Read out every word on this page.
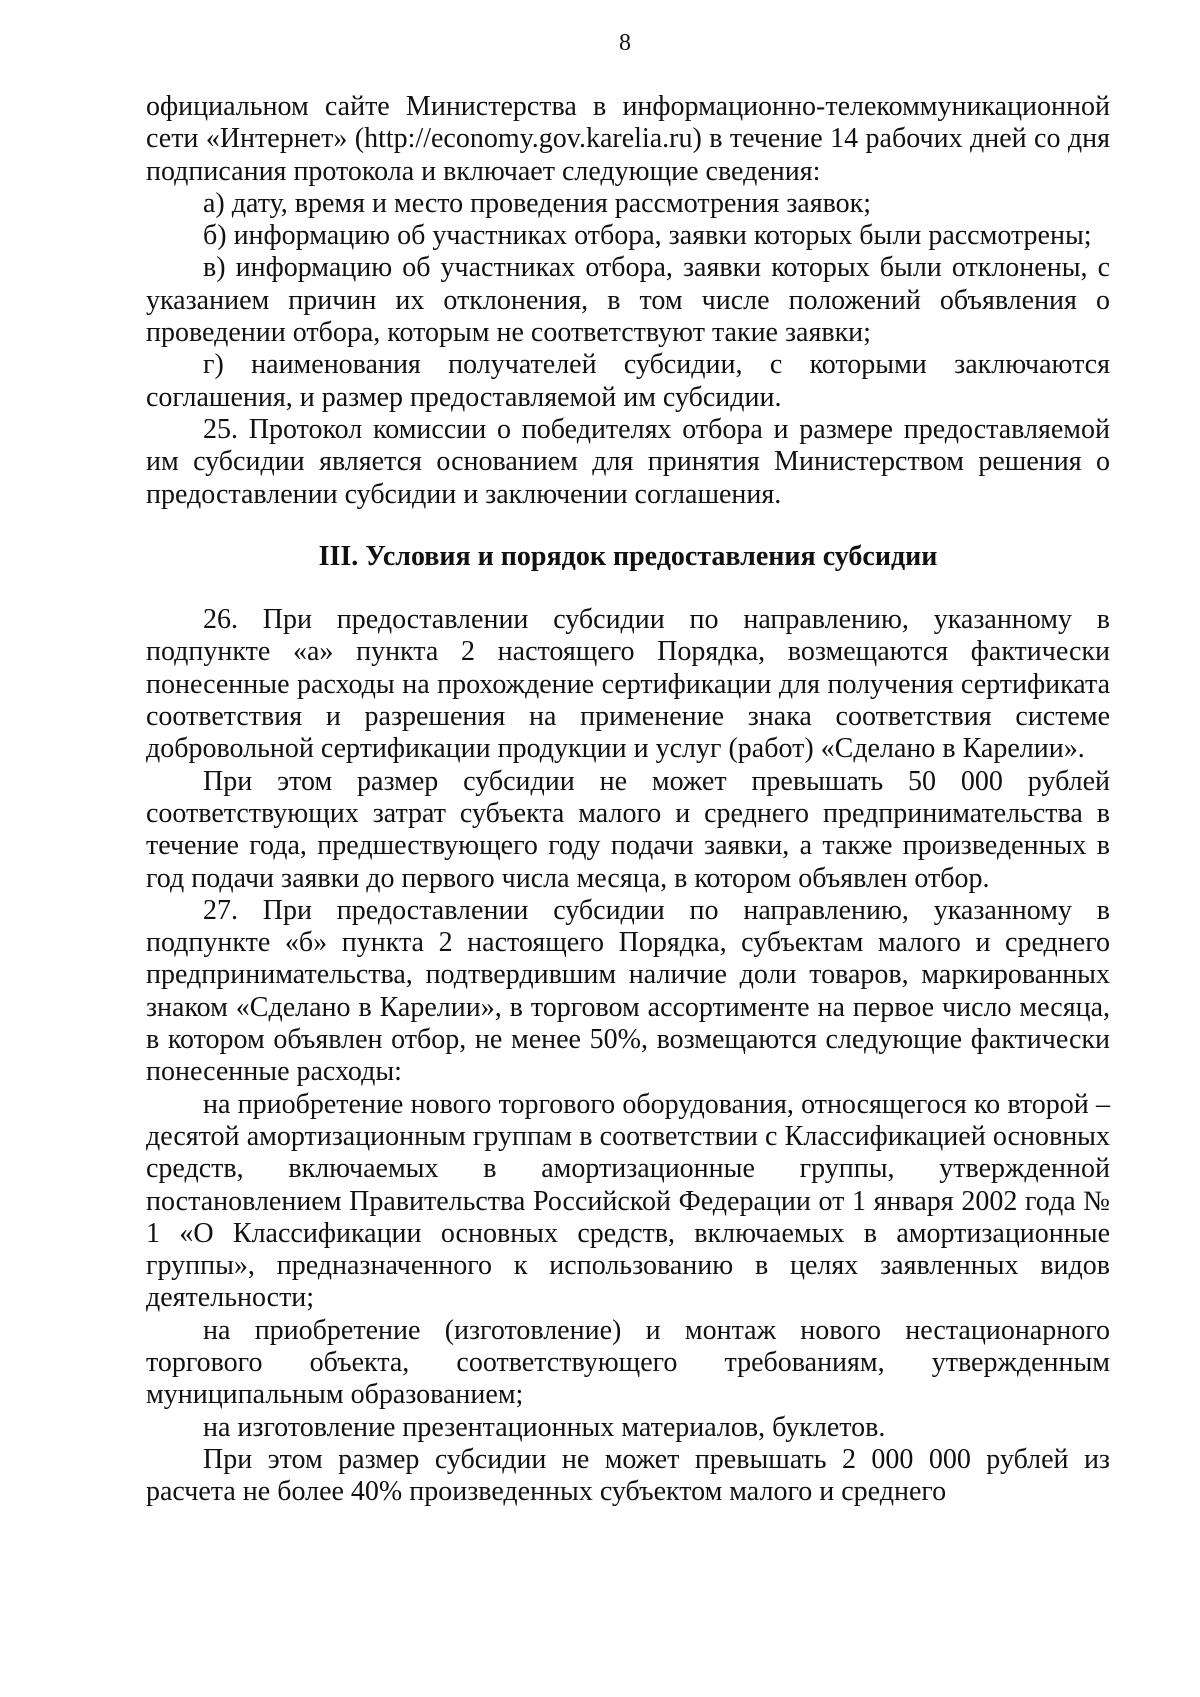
8

официальном сайте Министерства в информационно-телекоммуникационной сети «Интернет» (http://economy.gov.karelia.ru) в течение 14 рабочих дней со дня подписания протокола и включает следующие сведения:

а) дату, время и место проведения рассмотрения заявок;

б) информацию об участниках отбора, заявки которых были рассмотрены;

в) информацию об участниках отбора, заявки которых были отклонены, с указанием причин их отклонения, в том числе положений объявления о проведении отбора, которым не соответствуют такие заявки;

г) наименования получателей субсидии, с которыми заключаются соглашения, и размер предоставляемой им субсидии.

25. Протокол комиссии о победителях отбора и размере предоставляемой им субсидии является основанием для принятия Министерством решения о предоставлении субсидии и заключении соглашения.

III. Условия и порядок предоставления субсидии

26. При предоставлении субсидии по направлению, указанному в подпункте «а» пункта 2 настоящего Порядка, возмещаются фактически понесенные расходы на прохождение сертификации для получения сертификата соответствия и разрешения на применение знака соответствия системе добровольной сертификации продукции и услуг (работ) «Сделано в Карелии».

При этом размер субсидии не может превышать 50 000 рублей соответствующих затрат субъекта малого и среднего предпринимательства в течение года, предшествующего году подачи заявки, а также произведенных в год подачи заявки до первого числа месяца, в котором объявлен отбор.

27. При предоставлении субсидии по направлению, указанному в подпункте «б» пункта 2 настоящего Порядка, субъектам малого и среднего предпринимательства, подтвердившим наличие доли товаров, маркированных знаком «Сделано в Карелии», в торговом ассортименте на первое число месяца, в котором объявлен отбор, не менее 50%, возмещаются следующие фактически понесенные расходы:

на приобретение нового торгового оборудования, относящегося ко второй – десятой амортизационным группам в соответствии с Классификацией основных средств, включаемых в амортизационные группы, утвержденной постановлением Правительства Российской Федерации от 1 января 2002 года № 1 «О Классификации основных средств, включаемых в амортизационные группы», предназначенного к использованию в целях заявленных видов деятельности;

на приобретение (изготовление) и монтаж нового нестационарного торгового объекта, соответствующего требованиям, утвержденным муниципальным образованием;

на изготовление презентационных материалов, буклетов.

При этом размер субсидии не может превышать 2 000 000 рублей из расчета не более 40% произведенных субъектом малого и среднего
